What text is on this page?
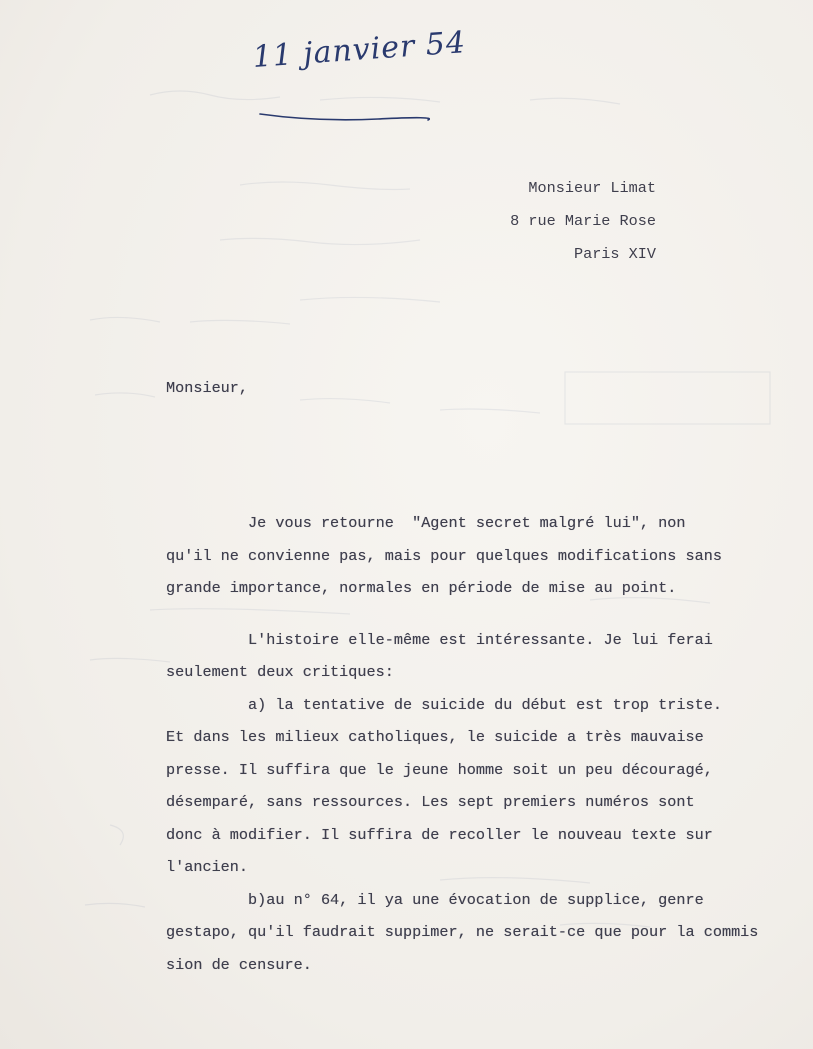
11 janvier 54
Monsieur Limat
8 rue Marie Rose
Paris XIV
Monsieur,

Je vous retourne  "Agent secret malgré lui", non

qu'il ne convienne pas, mais pour quelques modifications sans

grande importance, normales en période de mise au point.

L'histoire elle-même est intéressante. Je lui ferai

seulement deux critiques:

a) la tentative de suicide du début est trop triste.

Et dans les milieux catholiques, le suicide a très mauvaise

presse. Il suffira que le jeune homme soit un peu découragé,

désemparé, sans ressources. Les sept premiers numéros sont

donc à modifier. Il suffira de recoller le nouveau texte sur

l'ancien.

b)au n° 64, il ya une évocation de supplice, genre

gestapo, qu'il faudrait suppimer, ne serait-ce que pour la commis

sion de censure.
